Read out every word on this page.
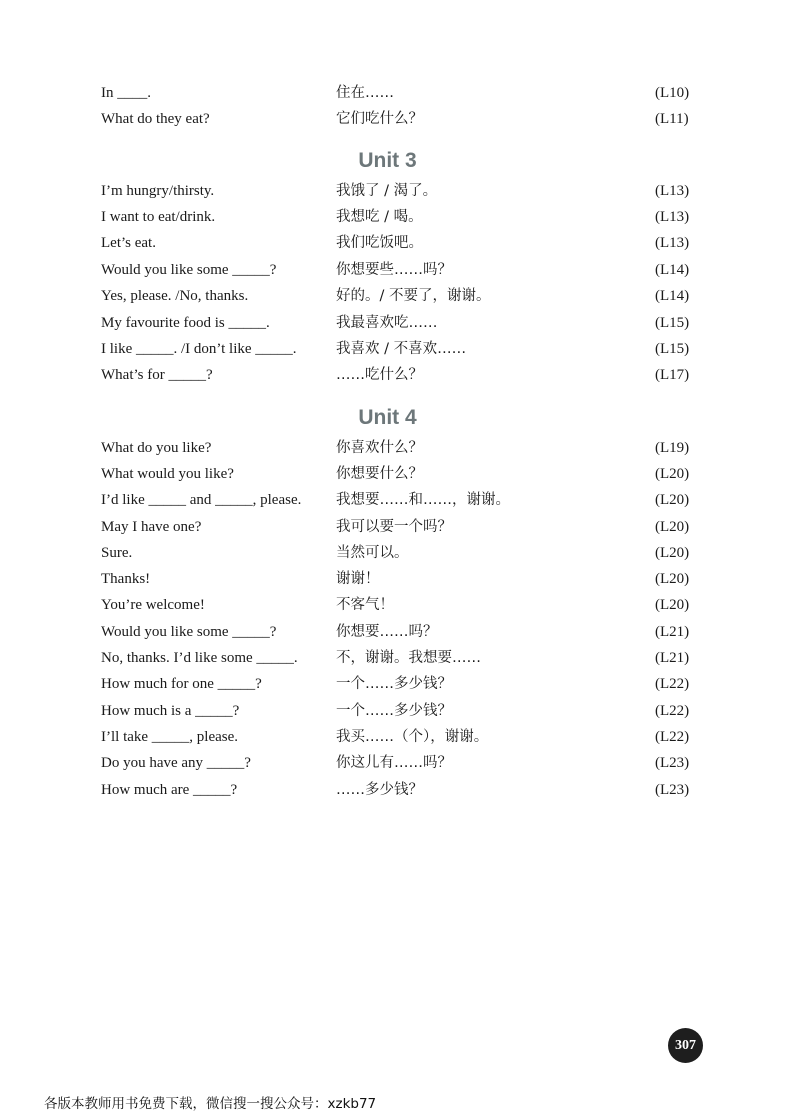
In ____.	住在……	(L10)
What do they eat?	它们吃什么？	(L11)
Unit 3
I’m hungry/thirsty.	我饿了 / 渴了。	(L13)
I want to eat/drink.	我想吃 / 喝。	(L13)
Let’s eat.	我们吃饭吧。	(L13)
Would you like some _____?	你想要些……吗？	(L14)
Yes, please. /No, thanks.	好的。/ 不要了，谢谢。	(L14)
My favourite food is _____.	我最喜欢吃……	(L15)
I like _____. /I don’t like _____.	我喜欢 / 不喜欢……	(L15)
What’s for _____?	……吃什么？	(L17)
Unit 4
What do you like?	你喜欢什么？	(L19)
What would you like?	你想要什么？	(L20)
I’d like _____ and _____, please. 我想要……和……，谢谢。	(L20)
May I have one?	我可以要一个吗？	(L20)
Sure.	当然可以。	(L20)
Thanks!	谢谢！	(L20)
You’re welcome!	不客气！	(L20)
Would you like some _____?	你想要……吗？	(L21)
No, thanks. I’d like some _____.	不，谢谢。我想要……	(L21)
How much for one _____?	一个……多少钱？	(L22)
How much is a _____?	一个……多少钱？	(L22)
I’ll take _____, please.	我买……（个），谢谢。	(L22)
Do you have any _____?	你这儿有……吗？	(L23)
How much are _____?	……多少钱？	(L23)
307
各版本教师用书免费下载，微信搜一搜公众号：xzkb77
